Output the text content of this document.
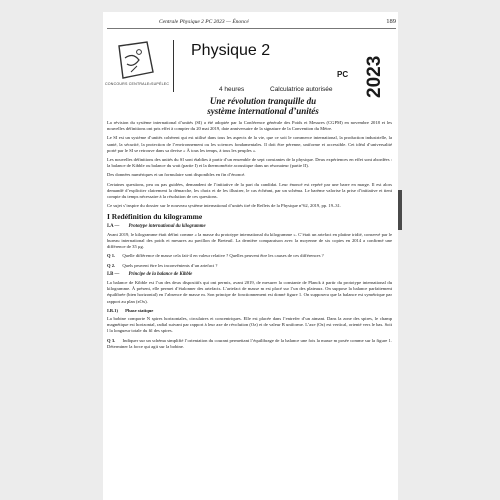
Centrale Physique 2 PC 2023 — Énoncé	189
CONCOURS CENTRALE•SUPÉLEC
Physique 2
PC 2023
4 heures	Calculatrice autorisée
Une révolution tranquille du
système international d’unités

La révision du système international d’unités (SI) a été adoptée par la Conférence générale des Poids et Mesures (CGPM) en novembre 2018 et les nouvelles définitions ont pris effet à compter du 20 mai 2019, date anniversaire de la signature de la Convention du Mètre.

Le SI est un système d’unités cohérent qui est utilisé dans tous les aspects de la vie, que ce soit le commerce international, la production industrielle, la santé, la sécurité, la protection de l’environnement ou les sciences fondamentales. Il doit être pérenne, uniforme et accessible. Cet idéal d’universalité porté par le SI se retrouve dans sa devise « À tous les temps, à tous les peuples ».

Les nouvelles définitions des unités du SI sont établies à partir d’un ensemble de sept constantes de la physique. Deux expériences en effet sont abordées : la balance de Kibble ou balance du watt (partie I) et la thermométrie acoustique dans un résonateur (partie II).

Des données numériques et un formulaire sont disponibles en fin d’énoncé.

Certaines questions, peu ou pas guidées, demandent de l’initiative de la part du candidat. Leur énoncé est repéré par une barre en marge. Il est alors demandé d’expliciter clairement la démarche, les choix et de les illustrer, le cas échéant, par un schéma. Le barème valorise la prise d’initiative et tient compte du temps nécessaire à la résolution de ces questions.

Ce sujet s’inspire du dossier sur le nouveau système international d’unités tiré de Reflets de la Physique n°62, 2019, pp. 19–31.

I Redéfinition du kilogramme
I.A — Prototype international du kilogramme

Avant 2019, le kilogramme était défini comme « la masse du prototype international du kilogramme ». C’était un artefact en platine iridié, conservé par le bureau international des poids et mesures au pavillon de Breteuil. La dernière comparaison avec la moyenne de six copies en 2014 a confirmé une différence de 35 µg.

Q 1. Quelle différence de masse cela fait-il en valeur relative ? Quelles peuvent être les causes de ces différences ?
Q 2. Quels peuvent être les inconvénients d’un artefact ?
I.B — Principe de la balance de Kibble

La balance de Kibble est l’un des deux dispositifs qui ont permis, avant 2019, de mesurer la constante de Planck à partir du prototype international du kilogramme. À présent, elle permet d’étalonner des artefacts. L’artefact de masse m est placé sur l’un des plateaux. On suppose la balance parfaitement équilibrée (bien horizontal) en l’absence de masse m. Son principe de fonctionnement est donné figure 1. On supposera que la balance est symétrique par rapport au plan (zOx).

I.B.1) Phase statique

La bobine comporte N spires horizontales, circulaires et concentriques. Elle est placée dans l’entrefer d’un aimant. Dans la zone des spires, le champ magnétique est horizontal, radial suivant par rapport à leur axe de révolution (Oz) et de valeur B uniforme. L’axe (Oz) est vertical, orienté vers le bas. Soit l la longueur totale du fil des spires.

Q 3. Indiquer sur un schéma simplifié l’orientation du courant permettant l’équilibrage de la balance une fois la masse m posée comme sur la figure 1. Déterminer la force qui agit sur la bobine.
